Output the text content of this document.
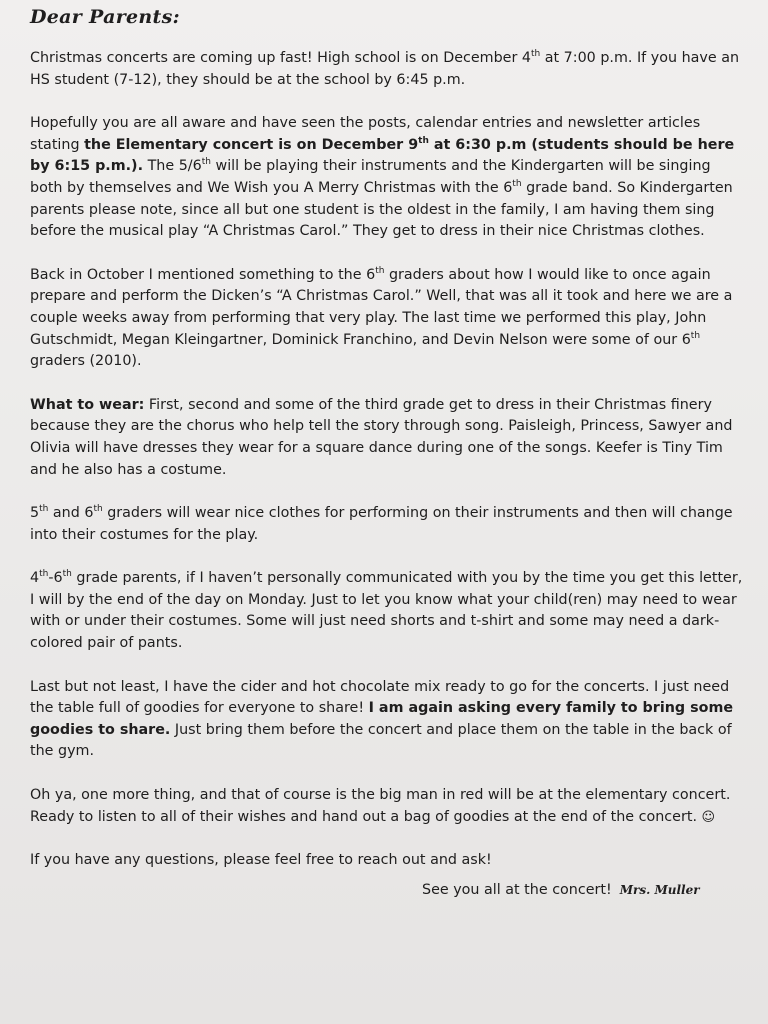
Dear Parents:

Christmas concerts are coming up fast! High school is on December 4th at 7:00 p.m. If you have an HS student (7-12), they should be at the school by 6:45 p.m.

Hopefully you are all aware and have seen the posts, calendar entries and newsletter articles stating the Elementary concert is on December 9th at 6:30 p.m (students should be here by 6:15 p.m.). The 5/6th will be playing their instruments and the Kindergarten will be singing both by themselves and We Wish you A Merry Christmas with the 6th grade band. So Kindergarten parents please note, since all but one student is the oldest in the family, I am having them sing before the musical play “A Christmas Carol.” They get to dress in their nice Christmas clothes.

Back in October I mentioned something to the 6th graders about how I would like to once again prepare and perform the Dicken’s “A Christmas Carol.” Well, that was all it took and here we are a couple weeks away from performing that very play. The last time we performed this play, John Gutschmidt, Megan Kleingartner, Dominick Franchino, and Devin Nelson were some of our 6th graders (2010).

What to wear: First, second and some of the third grade get to dress in their Christmas finery because they are the chorus who help tell the story through song. Paisleigh, Princess, Sawyer and Olivia will have dresses they wear for a square dance during one of the songs. Keefer is Tiny Tim and he also has a costume.

5th and 6th graders will wear nice clothes for performing on their instruments and then will change into their costumes for the play.

4th-6th grade parents, if I haven’t personally communicated with you by the time you get this letter, I will by the end of the day on Monday. Just to let you know what your child(ren) may need to wear with or under their costumes. Some will just need shorts and t-shirt and some may need a dark-colored pair of pants.

Last but not least, I have the cider and hot chocolate mix ready to go for the concerts. I just need the table full of goodies for everyone to share! I am again asking every family to bring some goodies to share. Just bring them before the concert and place them on the table in the back of the gym.

Oh ya, one more thing, and that of course is the big man in red will be at the elementary concert. Ready to listen to all of their wishes and hand out a bag of goodies at the end of the concert. ☺

If you have any questions, please feel free to reach out and ask!

See you all at the concert! Mrs. Muller
